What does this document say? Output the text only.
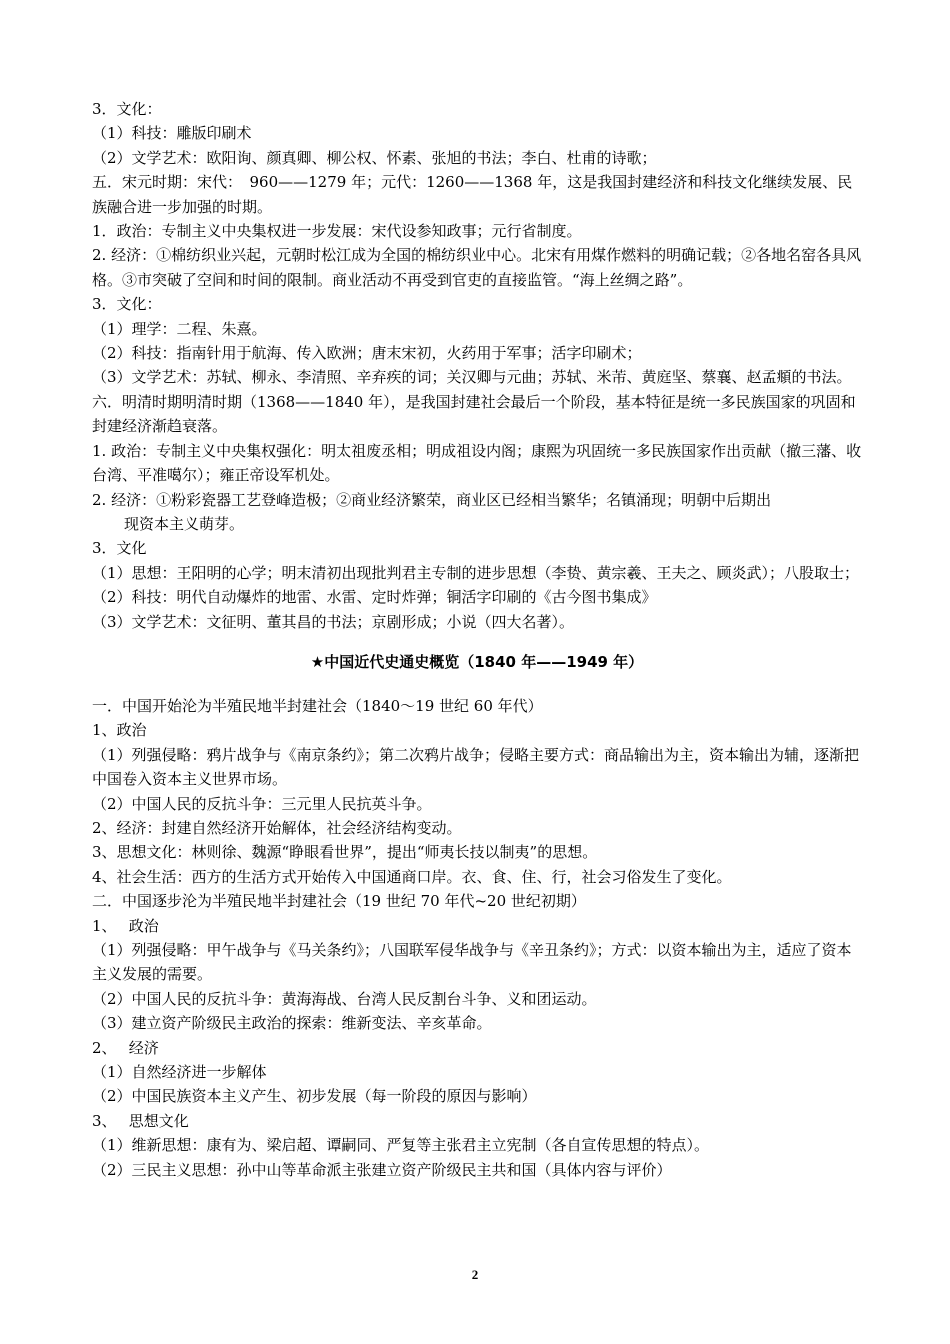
3．文化：
（1）科技：雕版印刷术
（2）文学艺术：欧阳询、颜真卿、柳公权、怀素、张旭的书法；李白、杜甫的诗歌；
五．宋元时期：宋代：　960——1279 年；元代：1260——1368 年，这是我国封建经济和科技文化继续发展、民族融合进一步加强的时期。
1．政治：专制主义中央集权进一步发展：宋代设参知政事；元行省制度。
2. 经济：①棉纺织业兴起，元朝时松江成为全国的棉纺织业中心。北宋有用煤作燃料的明确记载；②各地名窑各具风格。③市突破了空间和时间的限制。商业活动不再受到官吏的直接监管。“海上丝绸之路”。
3．文化：
（1）理学：二程、朱熹。
（2）科技：指南针用于航海、传入欧洲；唐末宋初，火药用于军事；活字印刷术；
（3）文学艺术：苏轼、柳永、李清照、辛弃疾的词；关汉卿与元曲；苏轼、米芾、黄庭坚、蔡襄、赵孟頫的书法。
六．明清时期明清时期（1368——1840 年），是我国封建社会最后一个阶段，基本特征是统一多民族国家的巩固和封建经济渐趋衰落。
1. 政治：专制主义中央集权强化：明太祖废丞相；明成祖设内阁；康熙为巩固统一多民族国家作出贡献（撤三藩、收台湾、平准噶尔）；雍正帝设军机处。
2. 经济：①粉彩瓷器工艺登峰造极；②商业经济繁荣，商业区已经相当繁华；名镇涌现；明朝中后期出
现资本主义萌芽。
3．文化
（1）思想：王阳明的心学；明末清初出现批判君主专制的进步思想（李贽、黄宗羲、王夫之、顾炎武）；八股取士；
（2）科技：明代自动爆炸的地雷、水雷、定时炸弹；铜活字印刷的《古今图书集成》
（3）文学艺术：文征明、董其昌的书法；京剧形成；小说（四大名著）。
★中国近代史通史概览（1840 年——1949 年）
一．中国开始沦为半殖民地半封建社会（1840～19 世纪 60 年代）
1、政治
（1）列强侵略：鸦片战争与《南京条约》；第二次鸦片战争；侵略主要方式：商品输出为主，资本输出为辅，逐渐把中国卷入资本主义世界市场。
（2）中国人民的反抗斗争：三元里人民抗英斗争。
2、经济：封建自然经济开始解体，社会经济结构变动。
3、思想文化：林则徐、魏源“睁眼看世界”，提出“师夷长技以制夷”的思想。
4、社会生活：西方的生活方式开始传入中国通商口岸。衣、食、住、行，社会习俗发生了变化。
二．中国逐步沦为半殖民地半封建社会（19 世纪 70 年代~20 世纪初期）
1、　 政治
（1）列强侵略：甲午战争与《马关条约》；八国联军侵华战争与《辛丑条约》；方式：以资本输出为主，适应了资本主义发展的需要。
（2）中国人民的反抗斗争：黄海海战、台湾人民反割台斗争、义和团运动。
（3）建立资产阶级民主政治的探索：维新变法、辛亥革命。
2、　 经济
（1）自然经济进一步解体
（2）中国民族资本主义产生、初步发展（每一阶段的原因与影响）
3、　 思想文化
（1）维新思想：康有为、梁启超、谭嗣同、严复等主张君主立宪制（各自宣传思想的特点）。
（2）三民主义思想：孙中山等革命派主张建立资产阶级民主共和国（具体内容与评价）
2
